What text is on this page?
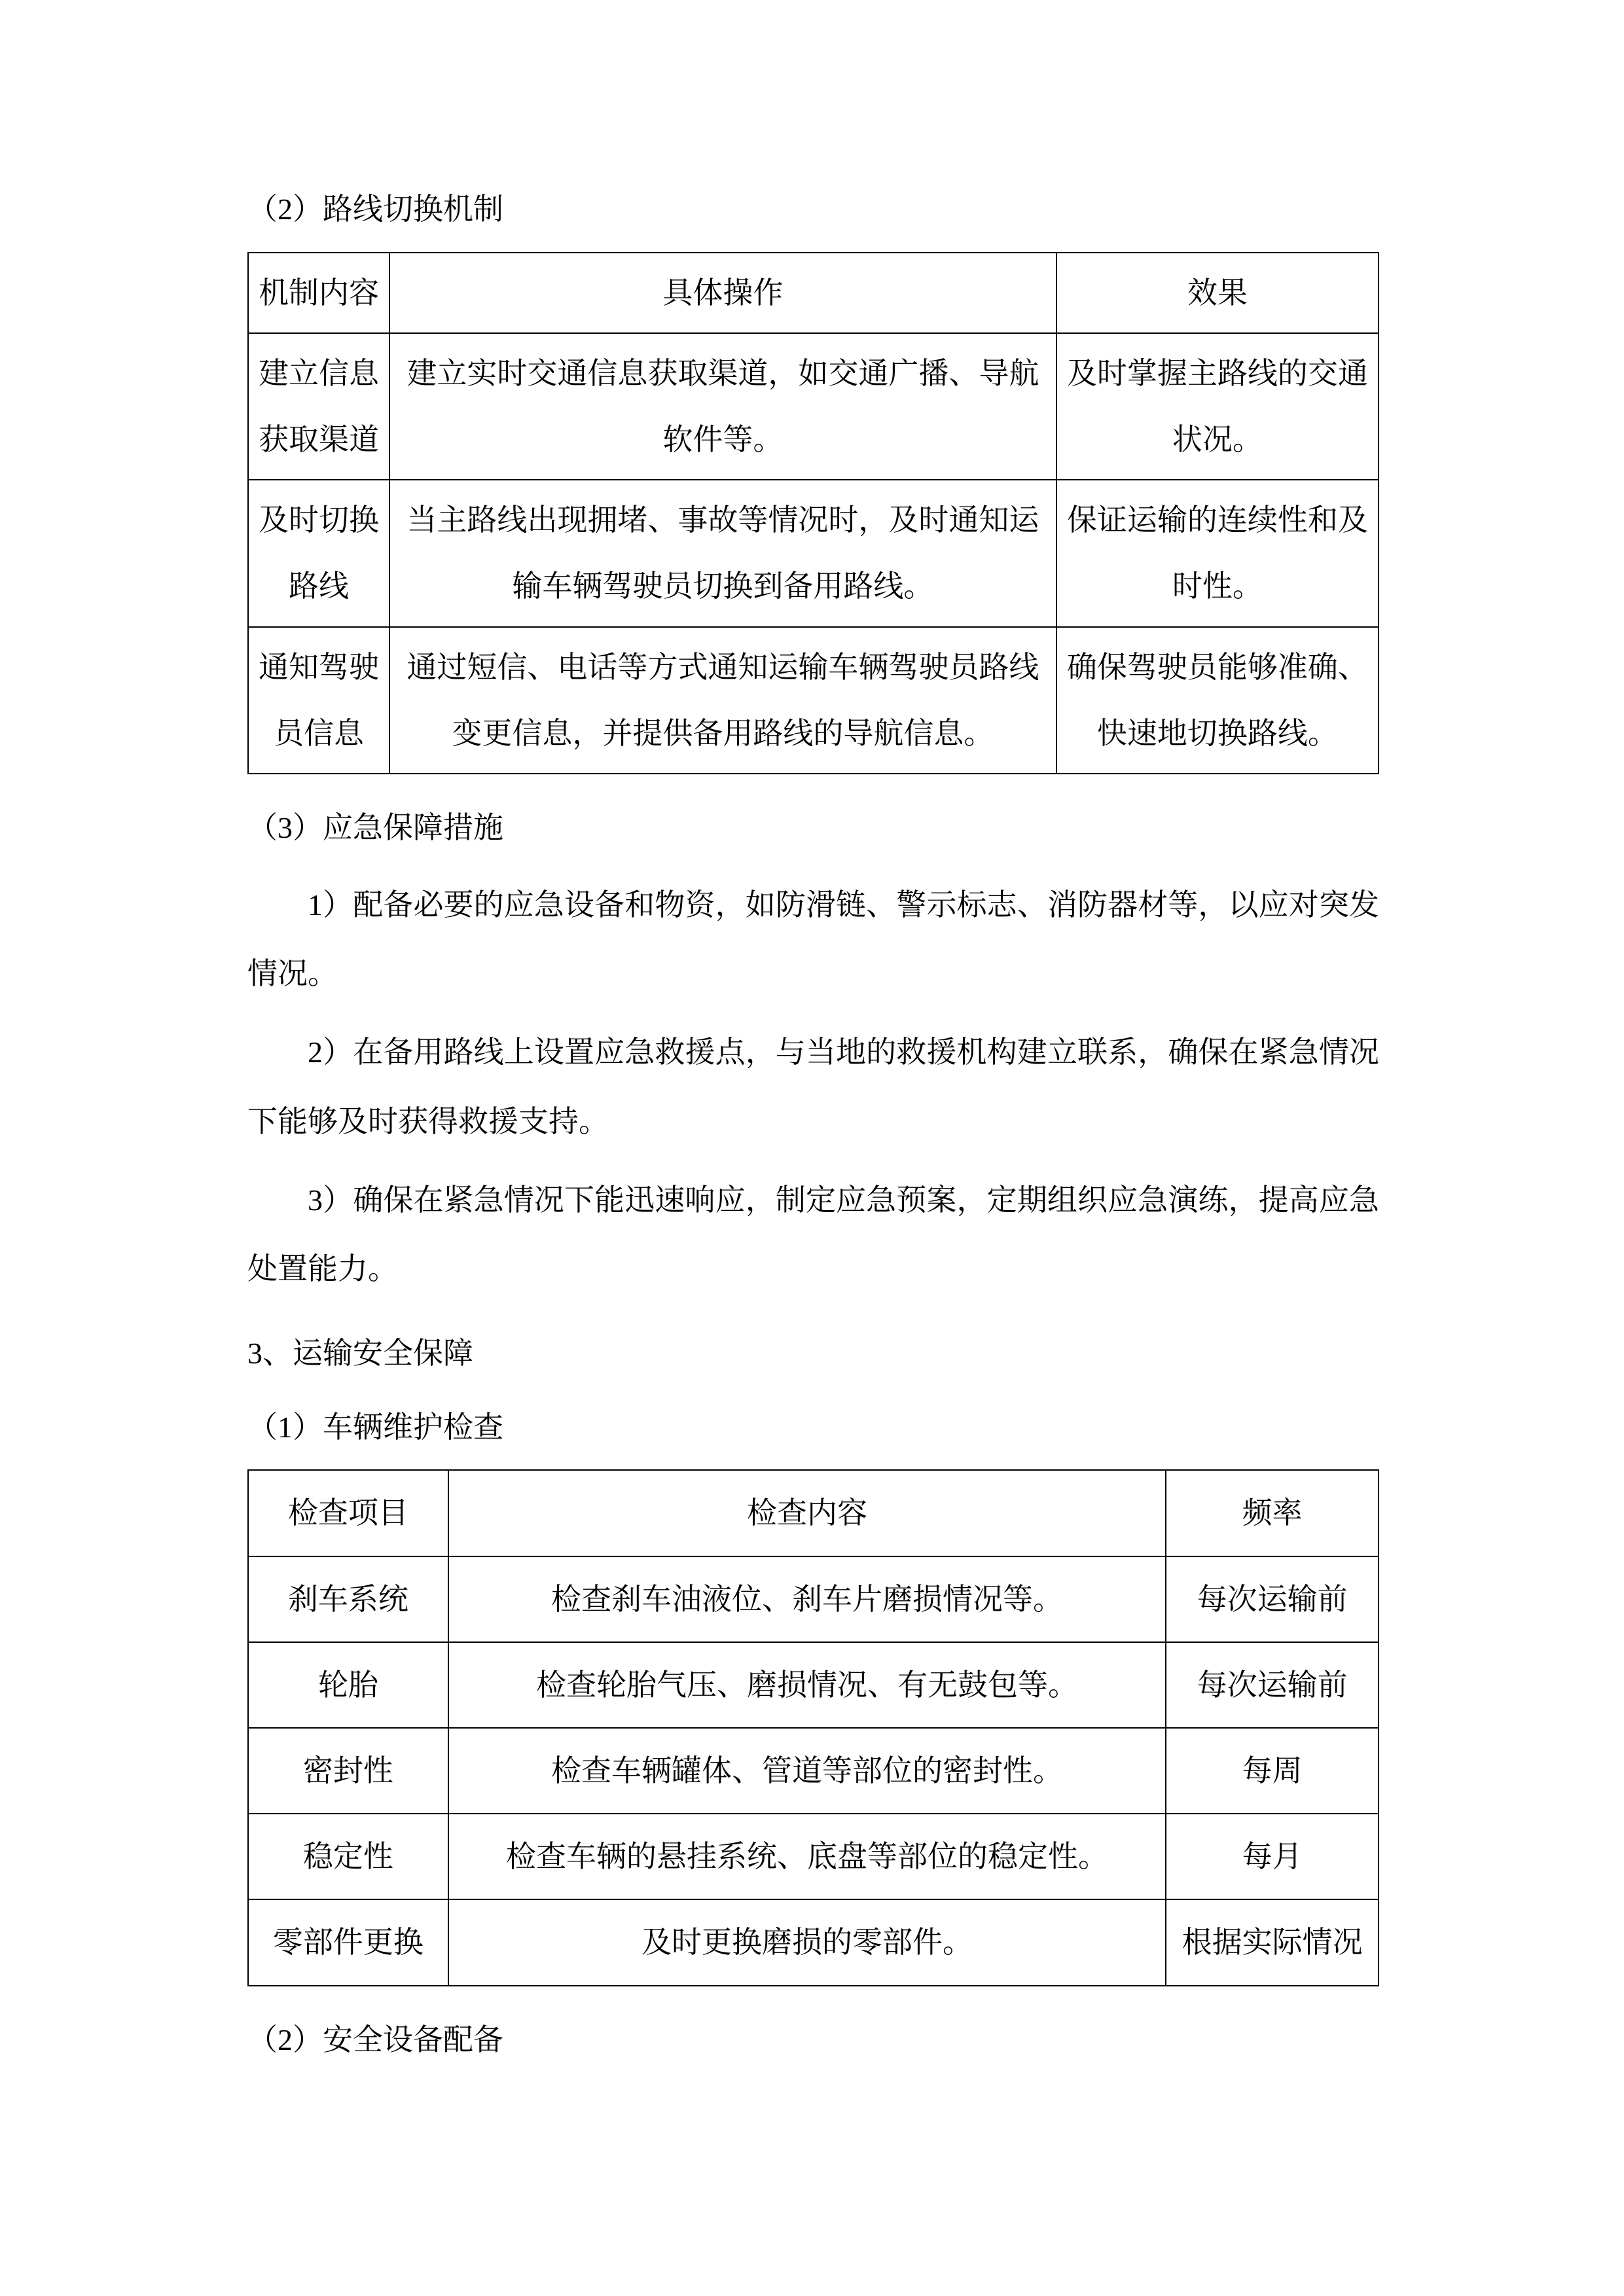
（2）路线切换机制
机制内容	具体操作	效果
建立信息获取渠道	建立实时交通信息获取渠道，如交通广播、导航软件等。	及时掌握主路线的交通状况。
及时切换路线	当主路线出现拥堵、事故等情况时，及时通知运输车辆驾驶员切换到备用路线。	保证运输的连续性和及时性。
通知驾驶员信息	通过短信、电话等方式通知运输车辆驾驶员路线变更信息，并提供备用路线的导航信息。	确保驾驶员能够准确、快速地切换路线。
（3）应急保障措施

1）配备必要的应急设备和物资，如防滑链、警示标志、消防器材等，以应对突发情况。

2）在备用路线上设置应急救援点，与当地的救援机构建立联系，确保在紧急情况下能够及时获得救援支持。

3）确保在紧急情况下能迅速响应，制定应急预案，定期组织应急演练，提高应急处置能力。

3、运输安全保障
（1）车辆维护检查
检查项目	检查内容	频率
刹车系统	检查刹车油液位、刹车片磨损情况等。	每次运输前
轮胎	检查轮胎气压、磨损情况、有无鼓包等。	每次运输前
密封性	检查车辆罐体、管道等部位的密封性。	每周
稳定性	检查车辆的悬挂系统、底盘等部位的稳定性。	每月
零部件更换	及时更换磨损的零部件。	根据实际情况
（2）安全设备配备
